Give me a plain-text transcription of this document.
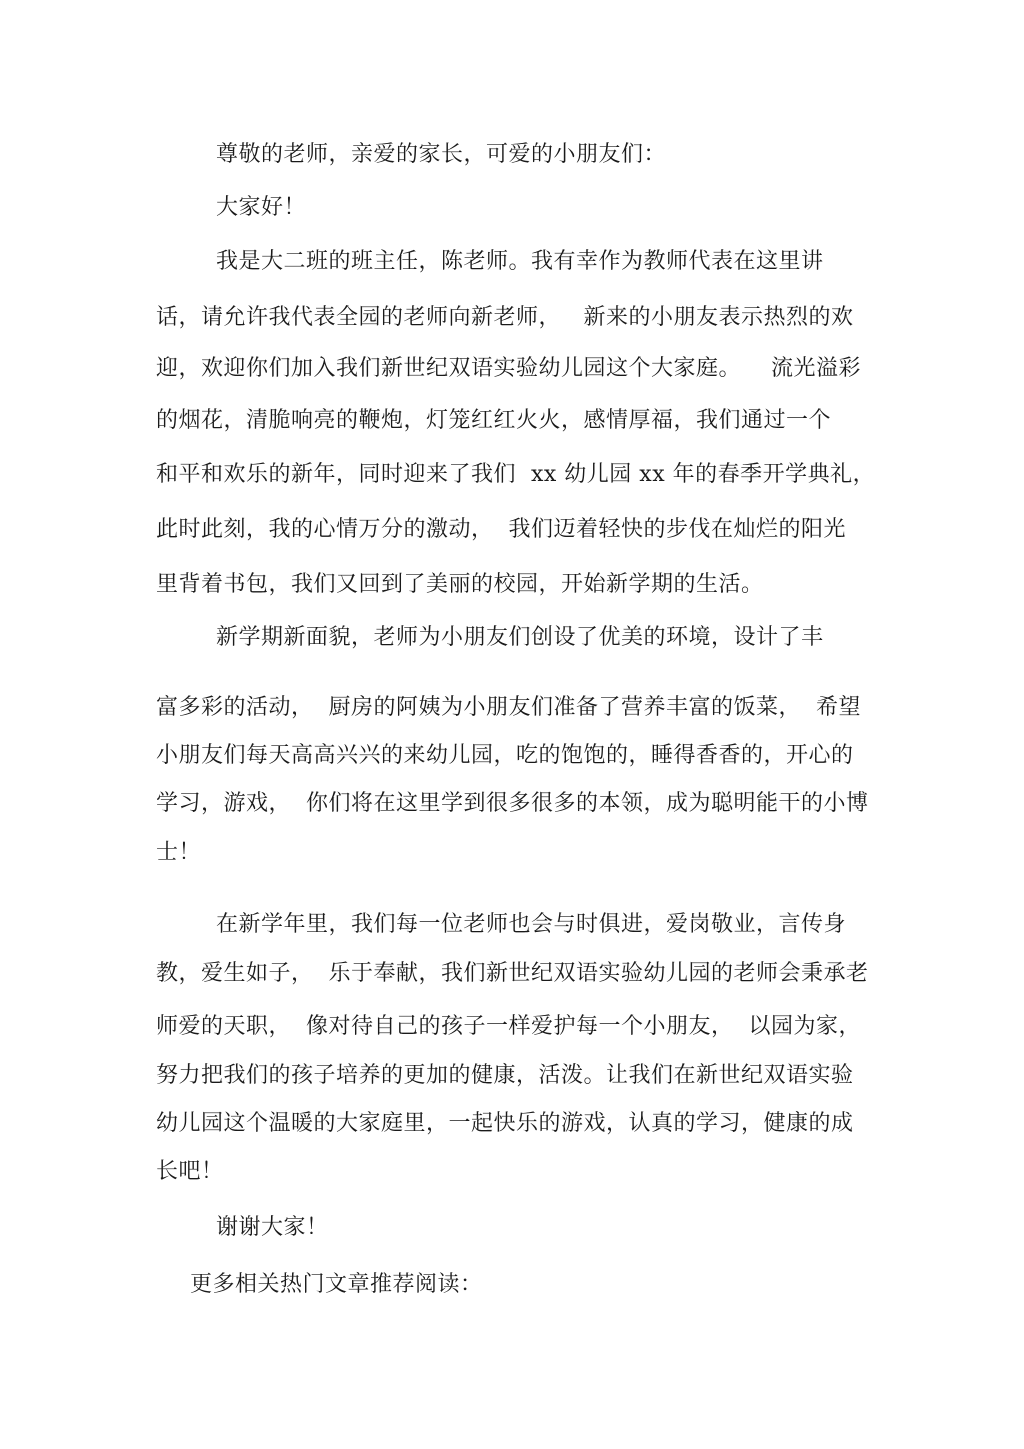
尊敬的老师，亲爱的家长，可爱的小朋友们：
大家好！
我是大二班的班主任，陈老师。我有幸作为教师代表在这里讲
话，请允许我代表全园的老师向新老师，   新来的小朋友表示热烈的欢
迎，欢迎你们加入我们新世纪双语实验幼儿园这个大家庭。    流光溢彩
的烟花，清脆响亮的鞭炮，灯笼红红火火，感情厚福，我们通过一个
和平和欢乐的新年，同时迎来了我们  xx 幼儿园 xx 年的春季开学典礼，
此时此刻，我的心情万分的激动，  我们迈着轻快的步伐在灿烂的阳光
里背着书包，我们又回到了美丽的校园，开始新学期的生活。
新学期新面貌，老师为小朋友们创设了优美的环境，设计了丰
富多彩的活动，  厨房的阿姨为小朋友们准备了营养丰富的饭菜，  希望
小朋友们每天高高兴兴的来幼儿园，吃的饱饱的，睡得香香的，开心的
学习，游戏，  你们将在这里学到很多很多的本领，成为聪明能干的小博
士！
在新学年里，我们每一位老师也会与时俱进，爱岗敬业，言传身
教，爱生如子，  乐于奉献，我们新世纪双语实验幼儿园的老师会秉承老
师爱的天职，  像对待自己的孩子一样爱护每一个小朋友，  以园为家，
努力把我们的孩子培养的更加的健康，活泼。让我们在新世纪双语实验
幼儿园这个温暖的大家庭里，一起快乐的游戏，认真的学习，健康的成
长吧！
谢谢大家！
更多相关热门文章推荐阅读：
